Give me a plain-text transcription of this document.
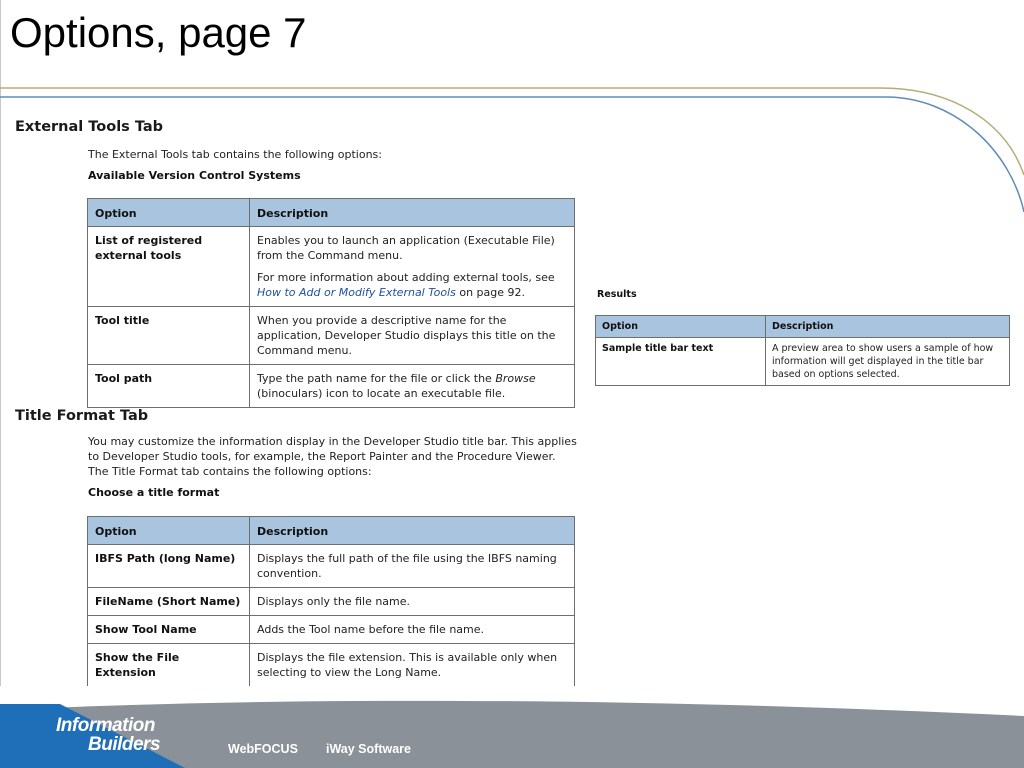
Options, page 7
External Tools Tab

The External Tools tab contains the following options:

Available Version Control Systems

Option	Description
List of registered external tools	Enables you to launch an application (Executable File) from the Command menu.

For more information about adding external tools, see How to Add or Modify External Tools on page 92.

Tool title	When you provide a descriptive name for the application, Developer Studio displays this title on the Command menu.
Tool path	Type the path name for the file or click the Browse (binoculars) icon to locate an executable file.
Title Format Tab

You may customize the information display in the Developer Studio title bar. This applies to Developer Studio tools, for example, the Report Painter and the Procedure Viewer. The Title Format tab contains the following options:

Choose a title format

Option	Description
IBFS Path (long Name)	Displays the full path of the file using the IBFS naming convention.
FileName (Short Name)	Displays only the file name.
Show Tool Name	Adds the Tool name before the file name.
Show the File Extension	Displays the file extension. This is available only when selecting to view the Long Name.

Results

Option	Description
Sample title bar text	A preview area to show users a sample of how information will get displayed in the title bar based on options selected.
Information
Builders	WebFOCUS iWay Software
